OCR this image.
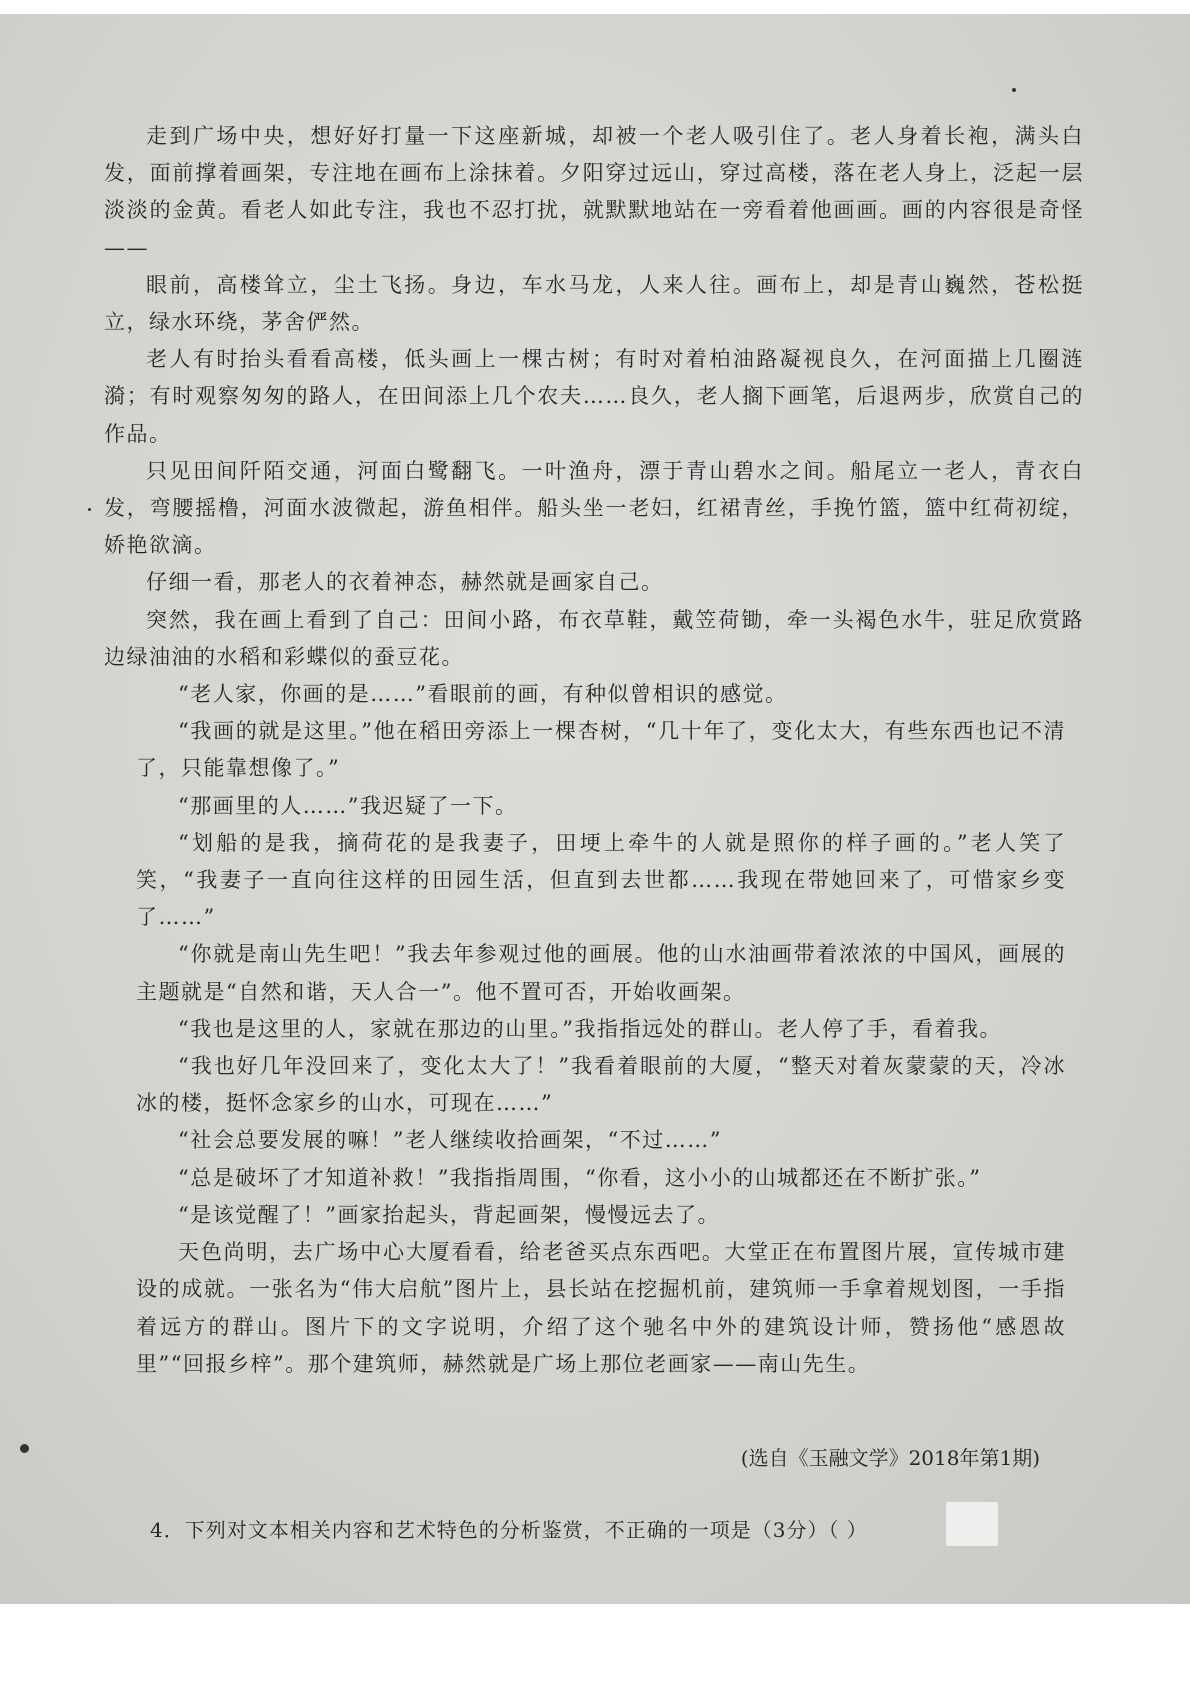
走到广场中央，想好好打量一下这座新城，却被一个老人吸引住了。老人身着长袍，满头白发，面前撑着画架，专注地在画布上涂抹着。夕阳穿过远山，穿过高楼，落在老人身上，泛起一层淡淡的金黄。看老人如此专注，我也不忍打扰，就默默地站在一旁看着他画画。画的内容很是奇怪——

眼前，高楼耸立，尘土飞扬。身边，车水马龙，人来人往。画布上，却是青山巍然，苍松挺立，绿水环绕，茅舍俨然。

老人有时抬头看看高楼，低头画上一棵古树；有时对着柏油路凝视良久，在河面描上几圈涟漪；有时观察匆匆的路人，在田间添上几个农夫……良久，老人搁下画笔，后退两步，欣赏自己的作品。

只见田间阡陌交通，河面白鹭翻飞。一叶渔舟，漂于青山碧水之间。船尾立一老人，青衣白发，弯腰摇橹，河面水波微起，游鱼相伴。船头坐一老妇，红裙青丝，手挽竹篮，篮中红荷初绽，娇艳欲滴。

仔细一看，那老人的衣着神态，赫然就是画家自己。

突然，我在画上看到了自己：田间小路，布衣草鞋，戴笠荷锄，牵一头褐色水牛，驻足欣赏路边绿油油的水稻和彩蝶似的蚕豆花。

“老人家，你画的是……”看眼前的画，有种似曾相识的感觉。

“我画的就是这里。”他在稻田旁添上一棵杏树，“几十年了，变化太大，有些东西也记不清了，只能靠想像了。”

“那画里的人……”我迟疑了一下。

“划船的是我，摘荷花的是我妻子，田埂上牵牛的人就是照你的样子画的。”老人笑了笑，“我妻子一直向往这样的田园生活，但直到去世都……我现在带她回来了，可惜家乡变了……”

“你就是南山先生吧！”我去年参观过他的画展。他的山水油画带着浓浓的中国风，画展的主题就是“自然和谐，天人合一”。他不置可否，开始收画架。

“我也是这里的人，家就在那边的山里。”我指指远处的群山。老人停了手，看着我。

“我也好几年没回来了，变化太大了！”我看着眼前的大厦，“整天对着灰蒙蒙的天，冷冰冰的楼，挺怀念家乡的山水，可现在……”

“社会总要发展的嘛！”老人继续收拾画架，“不过……”

“总是破坏了才知道补救！”我指指周围，“你看，这小小的山城都还在不断扩张。”

“是该觉醒了！”画家抬起头，背起画架，慢慢远去了。

天色尚明，去广场中心大厦看看，给老爸买点东西吧。大堂正在布置图片展，宣传城市建设的成就。一张名为“伟大启航”图片上，县长站在挖掘机前，建筑师一手拿着规划图，一手指着远方的群山。图片下的文字说明，介绍了这个驰名中外的建筑设计师，赞扬他“感恩故里”“回报乡梓”。那个建筑师，赫然就是广场上那位老画家——南山先生。

(选自《玉融文学》2018年第1期)
4．下列对文本相关内容和艺术特色的分析鉴赏，不正确的一项是（3分）（ ）
